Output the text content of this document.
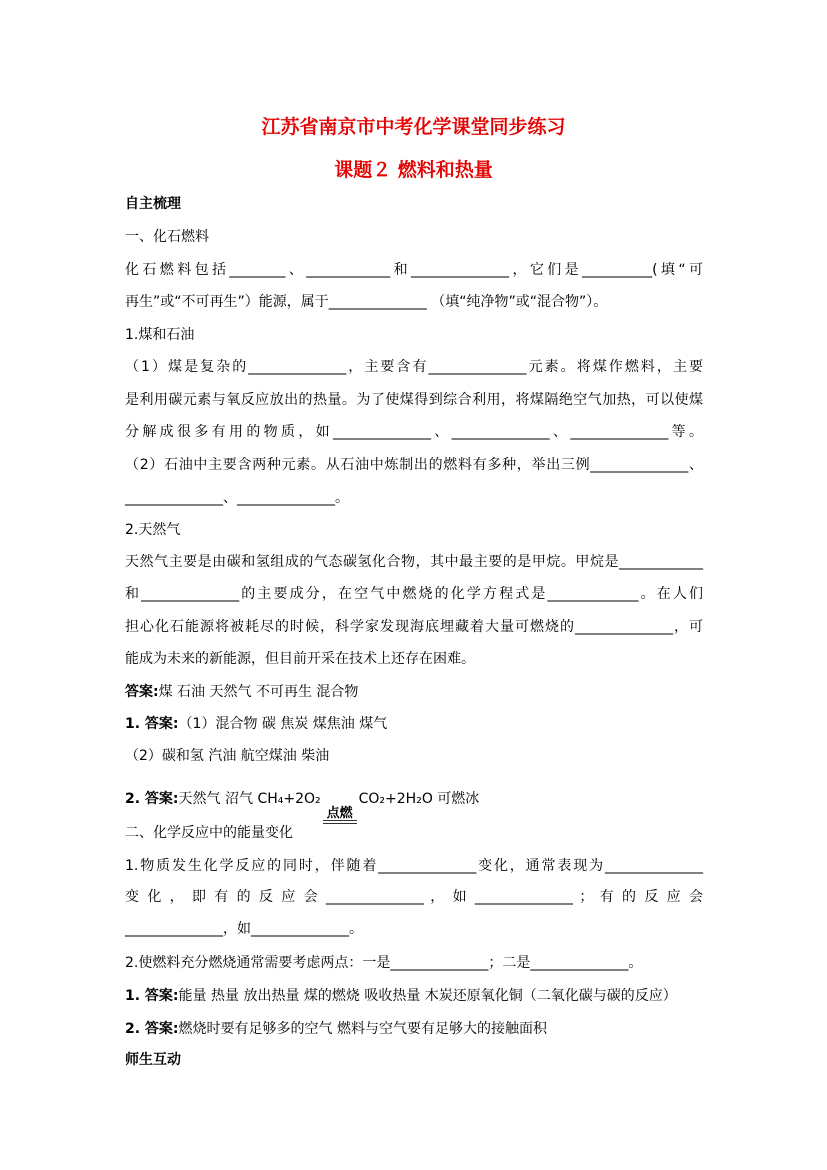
江苏省南京市中考化学课堂同步练习
课题２ 燃料和热量
自主梳理
一、化石燃料
化石燃料包括________、____________和______________，它们是__________(填“可
再生”或“不可再生”）能源，属于______________ （填“纯净物”或“混合物”）。
1.煤和石油
（1）煤是复杂的______________，主要含有______________元素。将煤作燃料，主要
是利用碳元素与氧反应放出的热量。为了使煤得到综合利用，将煤隔绝空气加热，可以使煤
分解成很多有用的物质，如______________、______________、______________等。
（2）石油中主要含两种元素。从石油中炼制出的燃料有多种，举出三例______________、
______________、______________。
2.天然气
天然气主要是由碳和氢组成的气态碳氢化合物，其中最主要的是甲烷。甲烷是____________
和______________的主要成分，在空气中燃烧的化学方程式是_____________。在人们
担心化石能源将被耗尽的时候，科学家发现海底埋藏着大量可燃烧的______________，可
能成为未来的新能源，但目前开采在技术上还存在困难。
答案:煤 石油 天然气 不可再生 混合物
1. 答案:（1）混合物 碳 焦炭 煤焦油 煤气
（2）碳和氢 汽油 航空煤油 柴油
2. 答案:天然气 沼气 CH₄+2O₂
点燃
CO₂+2H₂O 可燃冰
二、化学反应中的能量变化
1.物质发生化学反应的同时，伴随着______________变化，通常表现为______________
变 化 ， 即 有 的 反 应 会 ______________ ， 如 ______________ ； 有 的 反 应 会
______________，如______________。
2.使燃料充分燃烧通常需要考虑两点：一是______________；二是______________。
1. 答案:能量 热量 放出热量 煤的燃烧 吸收热量 木炭还原氧化铜（二氧化碳与碳的反应）
2. 答案:燃烧时要有足够多的空气 燃料与空气要有足够大的接触面积
师生互动
